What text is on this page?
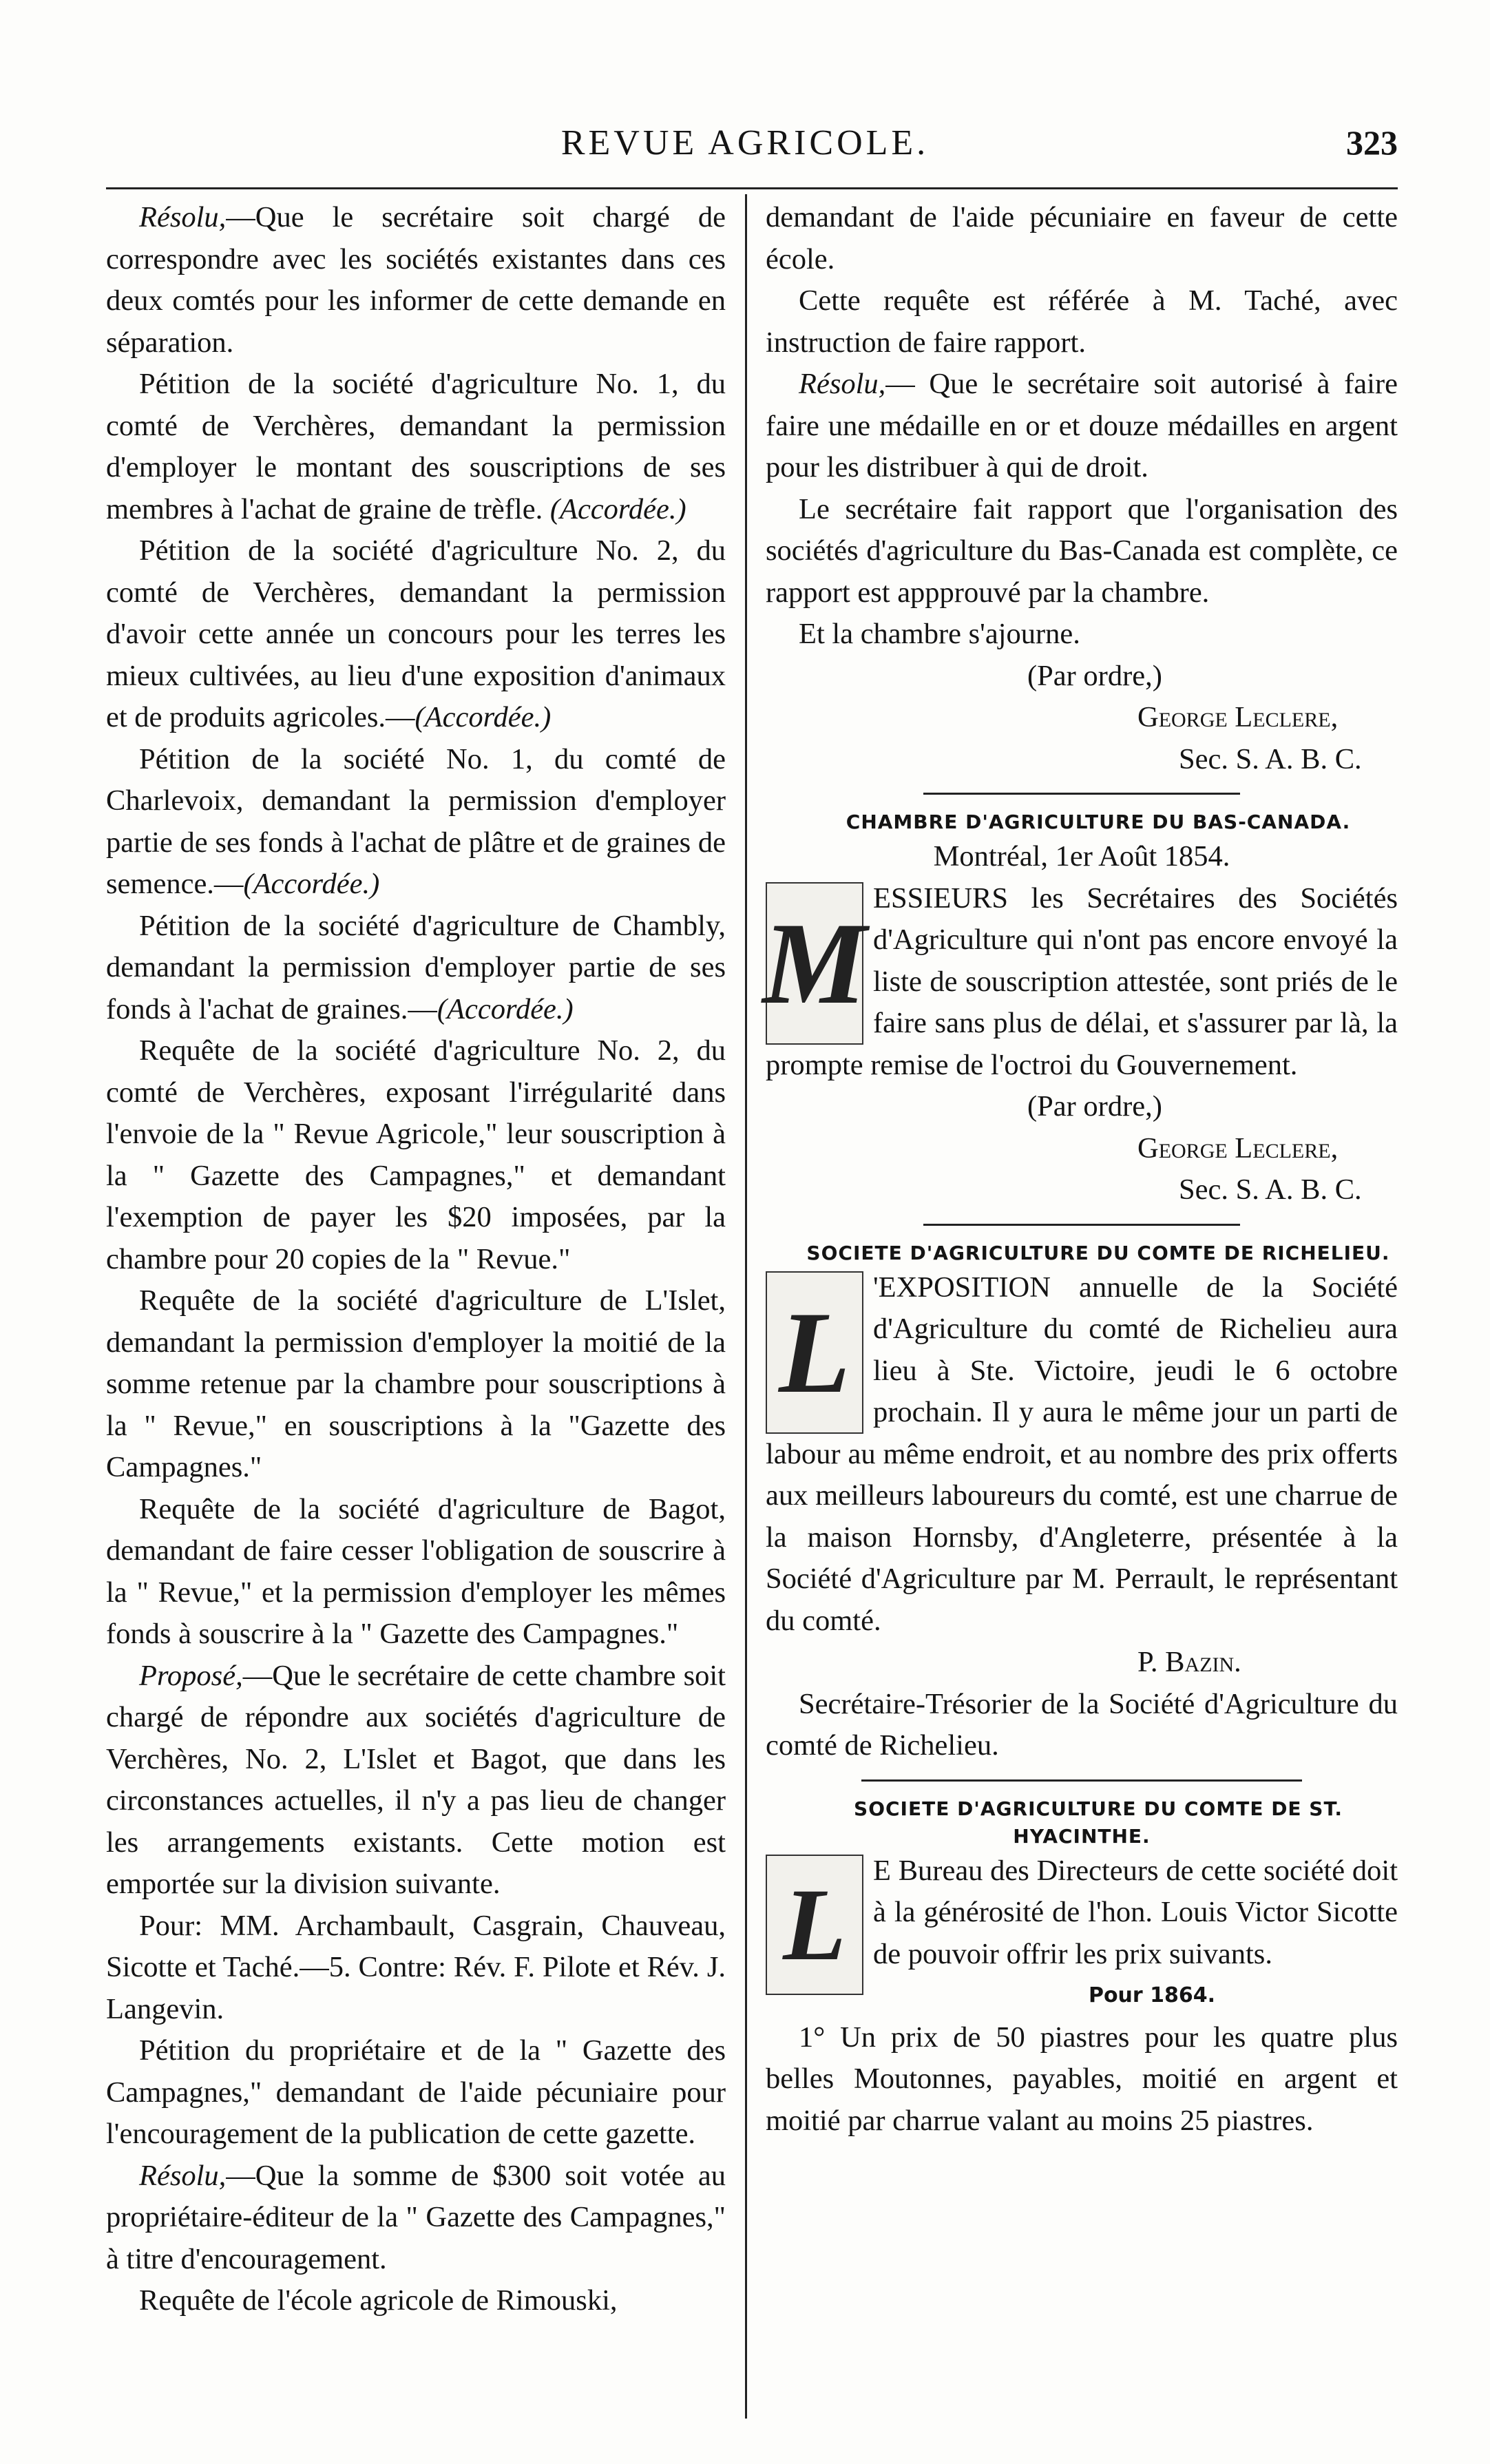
REVUE AGRICOLE.	323

Résolu,—Que le secrétaire soit chargé de correspondre avec les sociétés existantes dans ces deux comtés pour les informer de cette demande en séparation.

Pétition de la société d'agriculture No. 1, du comté de Verchères, demandant la permission d'employer le montant des souscriptions de ses membres à l'achat de graine de trèfle. (Accordée.)

Pétition de la société d'agriculture No. 2, du comté de Verchères, demandant la permission d'avoir cette année un concours pour les terres les mieux cultivées, au lieu d'une exposition d'animaux et de produits agricoles.—(Accordée.)

Pétition de la société No. 1, du comté de Charlevoix, demandant la permission d'employer partie de ses fonds à l'achat de plâtre et de graines de semence.—(Accordée.)

Pétition de la société d'agriculture de Chambly, demandant la permission d'employer partie de ses fonds à l'achat de graines.—(Accordée.)

Requête de la société d'agriculture No. 2, du comté de Verchères, exposant l'irrégularité dans l'envoie de la " Revue Agricole," leur souscription à la " Gazette des Campagnes," et demandant l'exemption de payer les $20 imposées, par la chambre pour 20 copies de la " Revue."

Requête de la société d'agriculture de L'Islet, demandant la permission d'employer la moitié de la somme retenue par la chambre pour souscriptions à la " Revue," en souscriptions à la "Gazette des Campagnes."

Requête de la société d'agriculture de Bagot, demandant de faire cesser l'obligation de souscrire à la " Revue," et la permission d'employer les mêmes fonds à souscrire à la " Gazette des Campagnes."

Proposé,—Que le secrétaire de cette chambre soit chargé de répondre aux sociétés d'agriculture de Verchères, No. 2, L'Islet et Bagot, que dans les circonstances actuelles, il n'y a pas lieu de changer les arrangements existants. Cette motion est emportée sur la division suivante.

Pour: MM. Archambault, Casgrain, Chauveau, Sicotte et Taché.—5. Contre: Rév. F. Pilote et Rév. J. Langevin.

Pétition du propriétaire et de la " Gazette des Campagnes," demandant de l'aide pécuniaire pour l'encouragement de la publication de cette gazette.

Résolu,—Que la somme de $300 soit votée au propriétaire-éditeur de la " Gazette des Campagnes," à titre d'encouragement.

Requête de l'école agricole de Rimouski,

demandant de l'aide pécuniaire en faveur de cette école.

Cette requête est référée à M. Taché, avec instruction de faire rapport.

Résolu,— Que le secrétaire soit autorisé à faire faire une médaille en or et douze médailles en argent pour les distribuer à qui de droit.

Le secrétaire fait rapport que l'organisation des sociétés d'agriculture du Bas-Canada est complète, ce rapport est appprouvé par la chambre.

Et la chambre s'ajourne.

(Par ordre,)

George Leclere,

Sec. S. A. B. C.

CHAMBRE D'AGRICULTURE DU BAS-CANADA.

Montréal, 1er Août 1854.

M
ESSIEURS les Secrétaires des Sociétés d'Agriculture qui n'ont pas encore envoyé la liste de souscription attestée, sont priés de le faire sans plus de délai, et s'assurer par là, la prompte remise de l'octroi du Gouvernement.

(Par ordre,)

George Leclere,

Sec. S. A. B. C.

SOCIETE D'AGRICULTURE DU COMTE DE RICHELIEU.

L
'EXPOSITION annuelle de la Société d'Agriculture du comté de Richelieu aura lieu à Ste. Victoire, jeudi le 6 octobre prochain. Il y aura le même jour un parti de labour au même endroit, et au nombre des prix offerts aux meilleurs laboureurs du comté, est une charrue de la maison Hornsby, d'Angleterre, présentée à la Société d'Agriculture par M. Perrault, le représentant du comté.

P. Bazin.

Secrétaire-Trésorier de la Société d'Agriculture du comté de Richelieu.

SOCIETE D'AGRICULTURE DU COMTE DE ST. HYACINTHE.

L E Bureau des Directeurs de cette société doit à la générosité de l'hon. Louis Victor Sicotte de pouvoir offrir les prix suivants.

Pour 1864.

1° Un prix de 50 piastres pour les quatre plus belles Moutonnes, payables, moitié en argent et moitié par charrue valant au moins 25 piastres.
